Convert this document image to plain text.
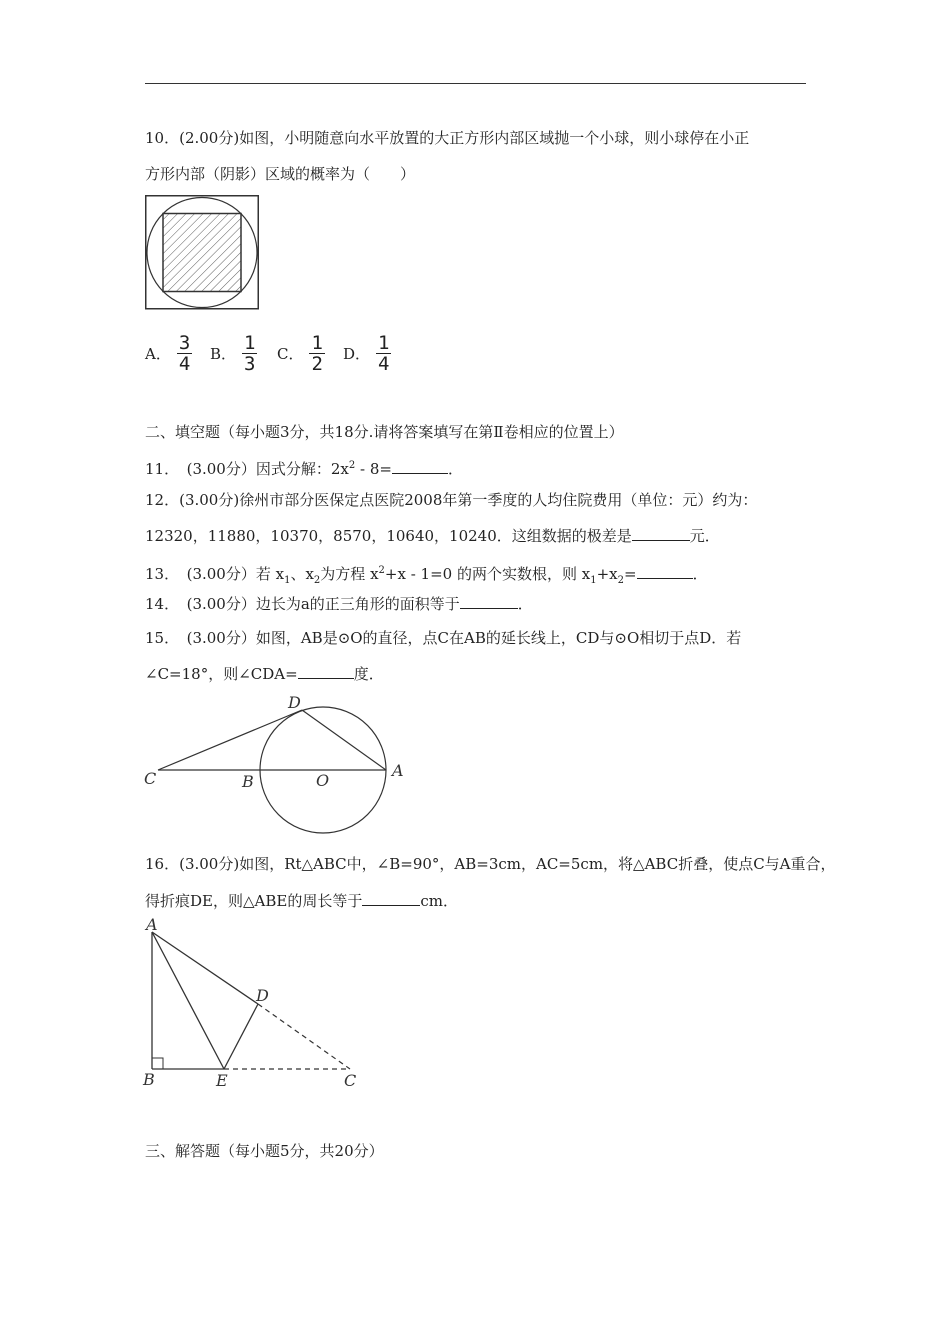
10．(2.00分)如图，小明随意向水平放置的大正方形内部区域抛一个小球，则小球停在小正
方形内部（阴影）区域的概率为（　　）
A． $\frac{3}{4}$ B． $\frac{1}{3}$ C． $\frac{1}{2}$ D． $\frac{1}{4}$
二、填空题（每小题3分，共18分.请将答案填写在第Ⅱ卷相应的位置上）
11．　(3.00分）因式分解：$2x^2 - 8=$	．
12．(3.00分)徐州市部分医保定点医院2008年第一季度的人均住院费用（单位：元）约为：
12320，11880，10370，8570，10640，10240．这组数据的极差是	元．
13．　(3.00分）若 $x_1$、$x_2$为方程 $x^2+x - 1=0$ 的两个实数根，则 $x_1+x_2=$	．
14．　(3.00分）边长为a的正三角形的面积等于	．
15．　(3.00分）如图，AB是⊙O的直径，点C在AB的延长线上，CD与⊙O相切于点D．若
∠C=18°，则∠CDA=	度．
C	B	O
A
D
16．(3.00分)如图，Rt△ABC中，∠B=90°，AB=3cm，AC=5cm，将△ABC折叠，使点C与A重合，
得折痕DE，则△ABE的周长等于	cm．
A
B	E	C
D
三、解答题（每小题5分，共20分）
